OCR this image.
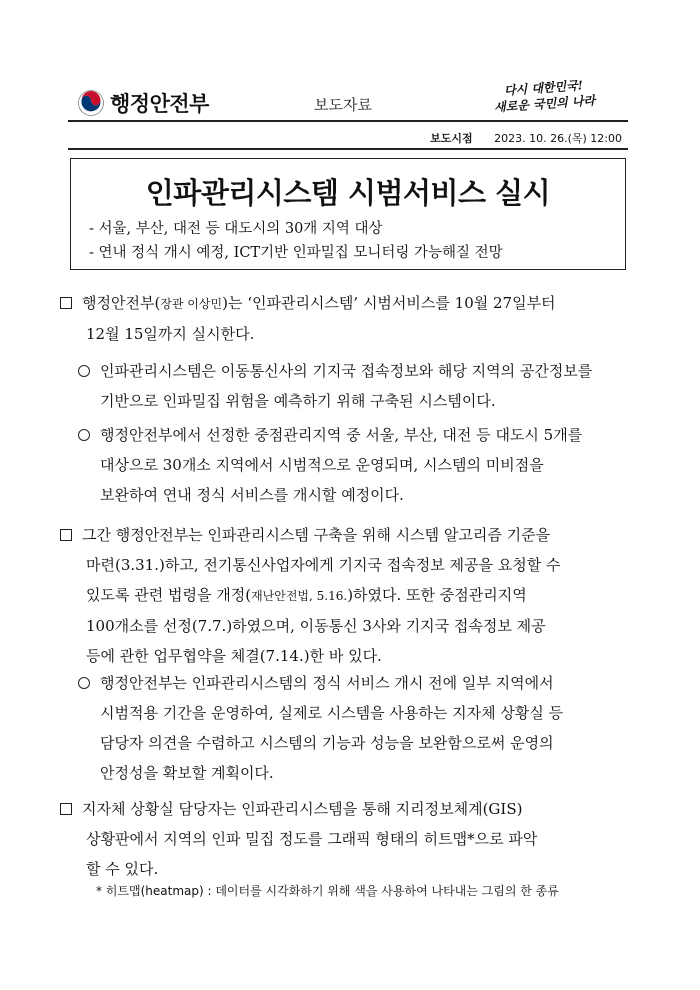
행정안전부	보도자료
다시 대한민국!
새로운 국민의 나라
보도시점 2023. 10. 26.(목) 12:00
인파관리시스템 시범서비스 실시
- 서울, 부산, 대전 등 대도시의 30개 지역 대상
- 연내 정식 개시 예정, ICT기반 인파밀집 모니터링 가능해질 전망
행정안전부(장관 이상민)는 ‘인파관리시스템’ 시범서비스를 10월 27일부터
12월 15일까지 실시한다.
인파관리시스템은 이동통신사의 기지국 접속정보와 해당 지역의 공간정보를
기반으로 인파밀집 위험을 예측하기 위해 구축된 시스템이다.
행정안전부에서 선정한 중점관리지역 중 서울, 부산, 대전 등 대도시 5개를
대상으로 30개소 지역에서 시범적으로 운영되며, 시스템의 미비점을
보완하여 연내 정식 서비스를 개시할 예정이다.
그간 행정안전부는 인파관리시스템 구축을 위해 시스템 알고리즘 기준을
마련(3.31.)하고, 전기통신사업자에게 기지국 접속정보 제공을 요청할 수
있도록 관련 법령을 개정(재난안전법, 5.16.)하였다. 또한 중점관리지역
100개소를 선정(7.7.)하였으며, 이동통신 3사와 기지국 접속정보 제공
등에 관한 업무협약을 체결(7.14.)한 바 있다.
행정안전부는 인파관리시스템의 정식 서비스 개시 전에 일부 지역에서
시범적용 기간을 운영하여, 실제로 시스템을 사용하는 지자체 상황실 등
담당자 의견을 수렴하고 시스템의 기능과 성능을 보완함으로써 운영의
안정성을 확보할 계획이다.
지자체 상황실 담당자는 인파관리시스템을 통해 지리정보체계(GIS)
상황판에서 지역의 인파 밀집 정도를 그래픽 형태의 히트맵*으로 파악
할 수 있다.
* 히트맵(heatmap) : 데이터를 시각화하기 위해 색을 사용하여 나타내는 그림의 한 종류
